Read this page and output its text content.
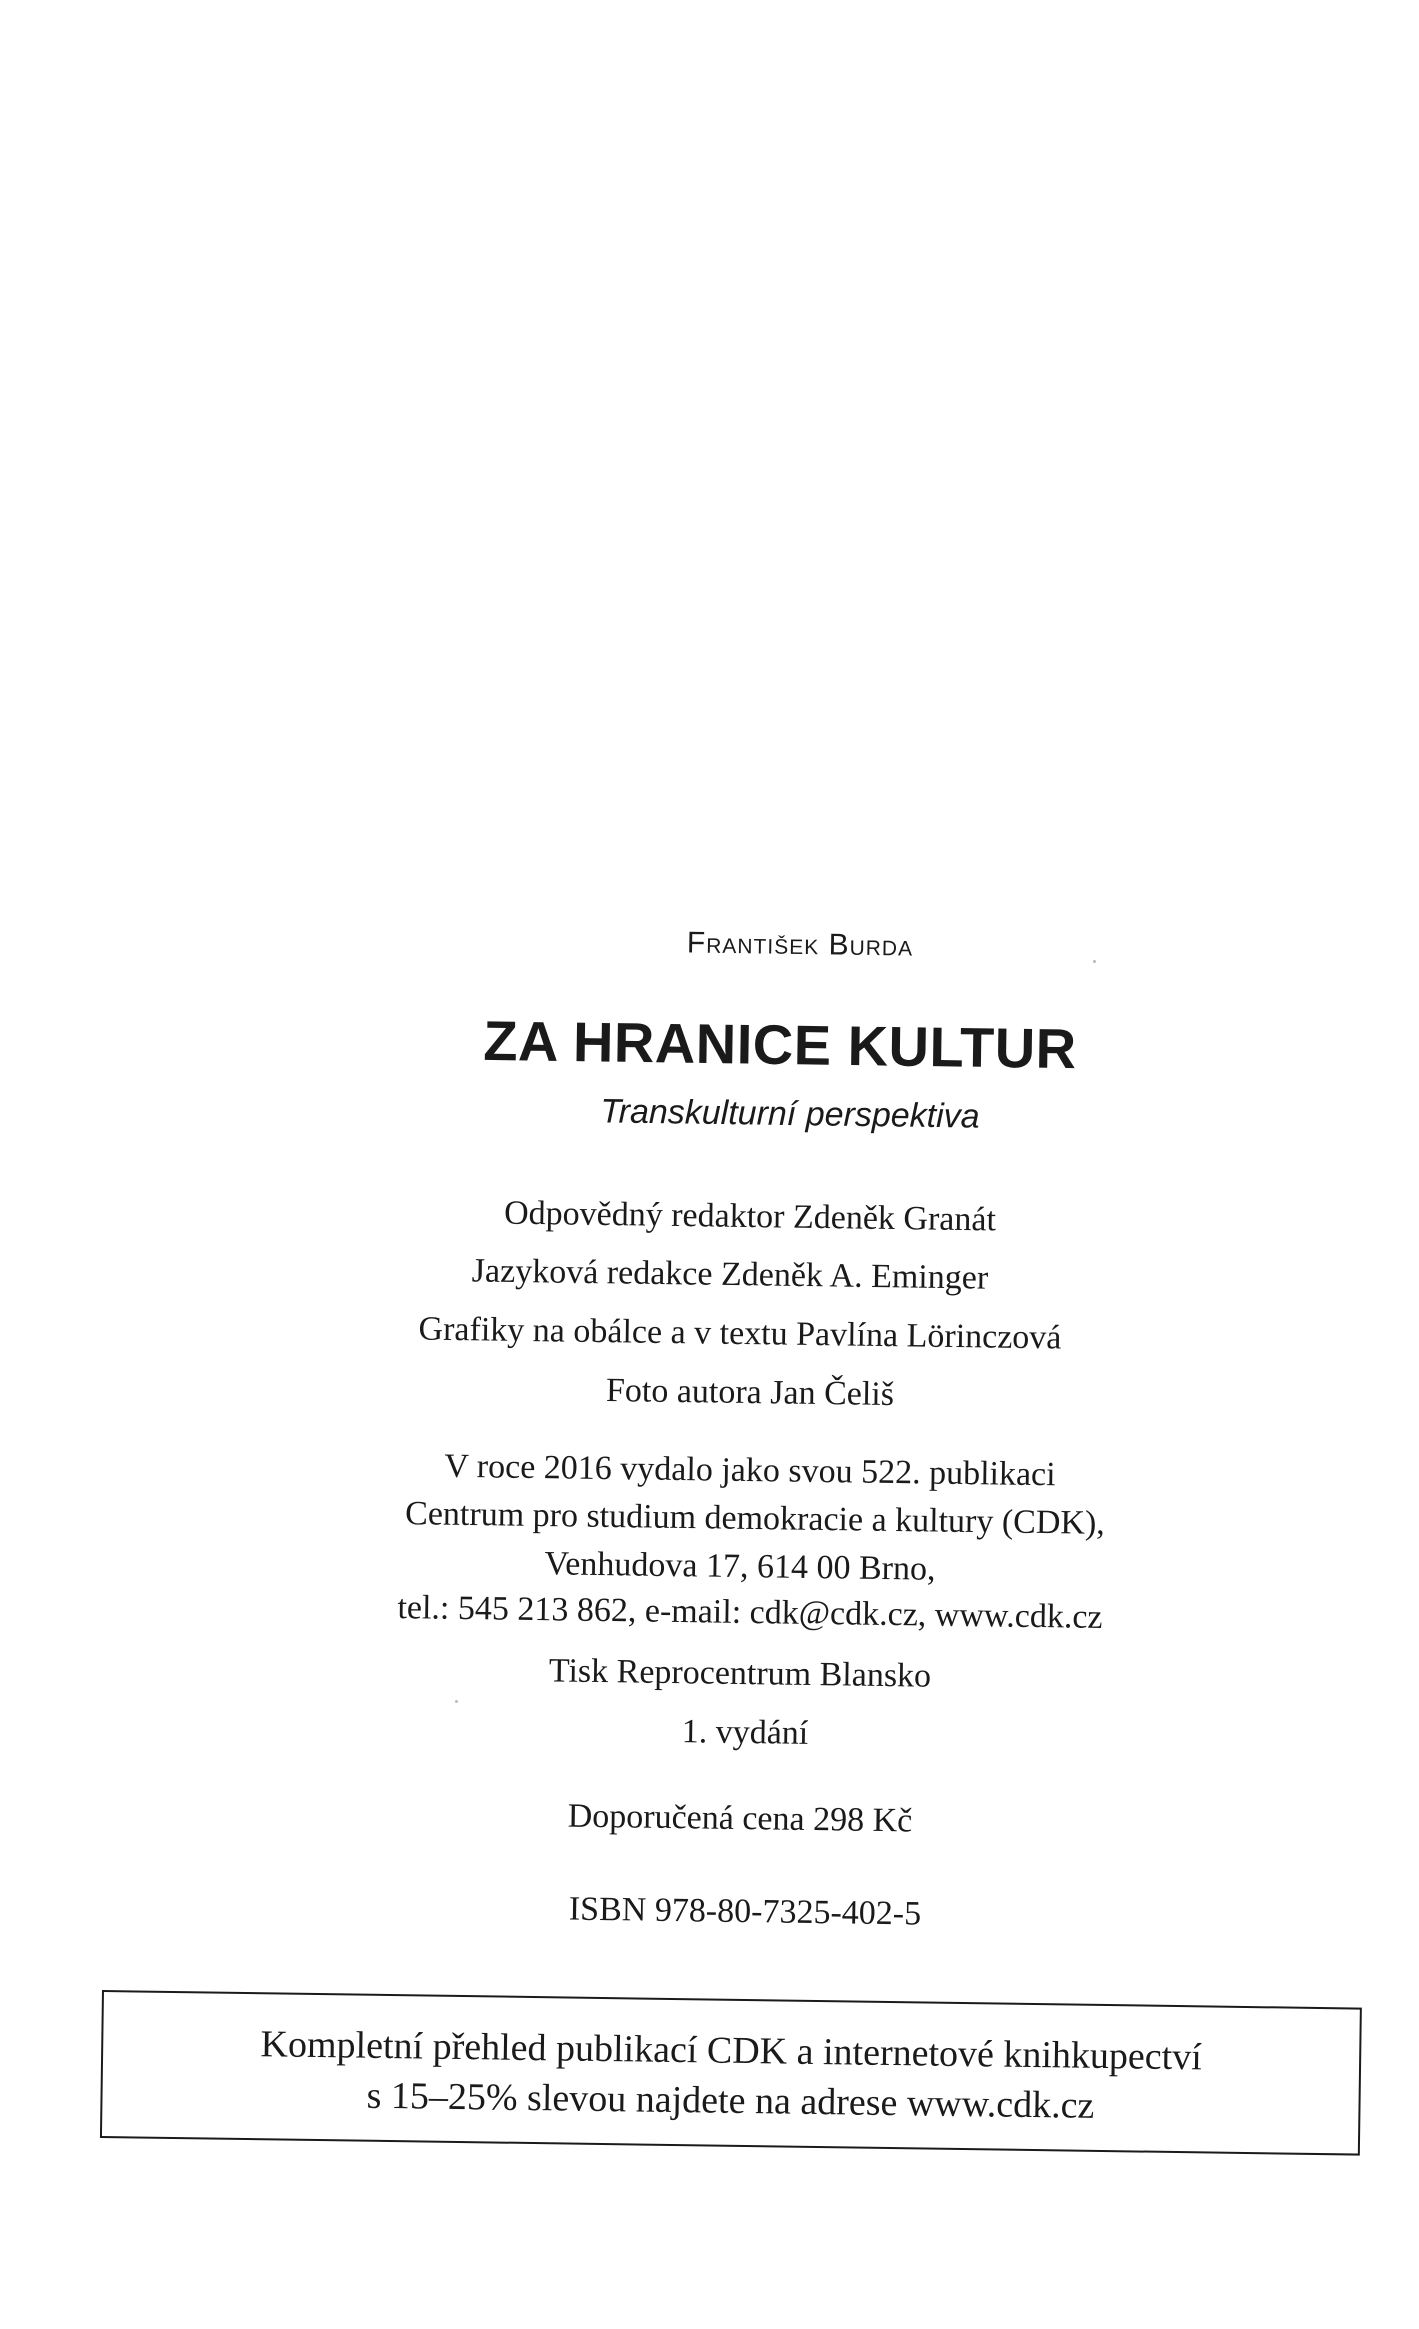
František Burda
ZA HRANICE KULTUR
Transkulturní perspektiva
Odpovědný redaktor Zdeněk Granát
Jazyková redakce Zdeněk A. Eminger
Grafiky na obálce a v textu Pavlína Lörinczová
Foto autora Jan Čeliš
V roce 2016 vydalo jako svou 522. publikaci
Centrum pro studium demokracie a kultury (CDK),
Venhudova 17, 614 00 Brno,
tel.: 545 213 862, e-mail: cdk@cdk.cz, www.cdk.cz
Tisk Reprocentrum Blansko
1. vydání
Doporučená cena 298 Kč
ISBN 978-80-7325-402-5
Kompletní přehled publikací CDK a internetové knihkupectví
s 15–25% slevou najdete na adrese www.cdk.cz
